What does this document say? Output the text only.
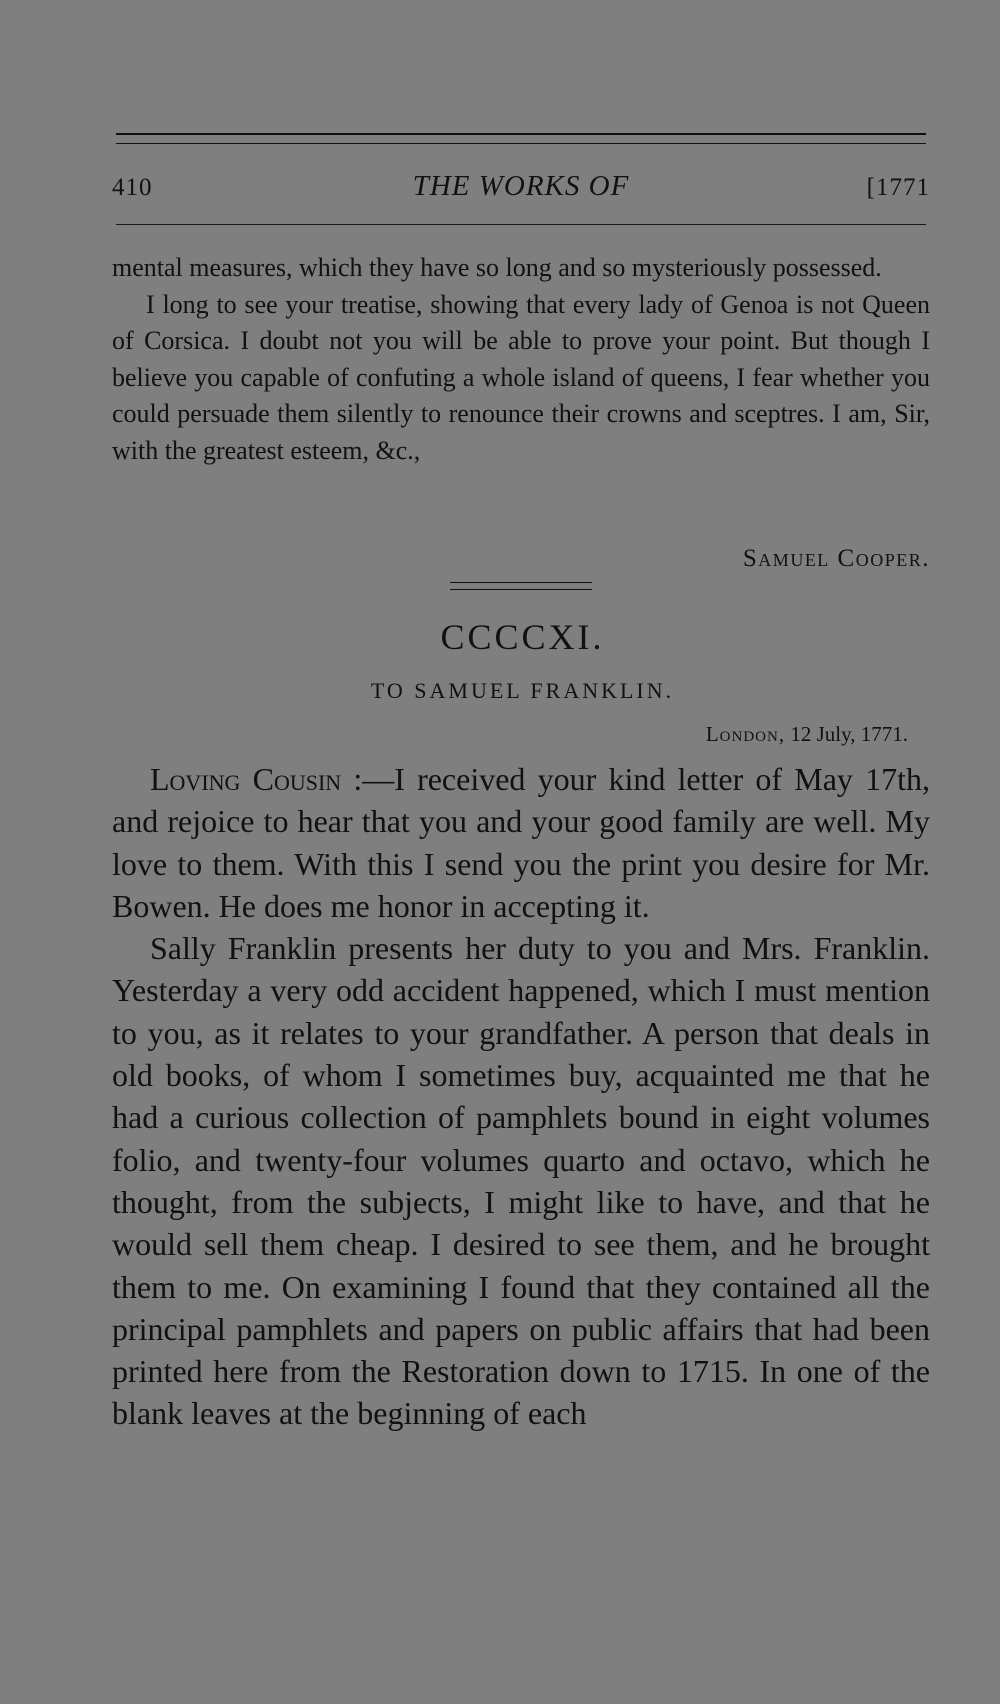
410	THE WORKS OF	[1771

mental measures, which they have so long and so mysteriously possessed.

I long to see your treatise, showing that every lady of Genoa is not Queen of Corsica. I doubt not you will be able to prove your point. But though I believe you capable of confuting a whole island of queens, I fear whether you could persuade them silently to renounce their crowns and sceptres. I am, Sir, with the greatest esteem, &c.,

Samuel Cooper.
CCCCXI.
TO SAMUEL FRANKLIN.
London, 12 July, 1771.

Loving Cousin :—I received your kind letter of May 17th, and rejoice to hear that you and your good family are well. My love to them. With this I send you the print you desire for Mr. Bowen. He does me honor in accepting it.

Sally Franklin presents her duty to you and Mrs. Franklin. Yesterday a very odd accident happened, which I must mention to you, as it relates to your grandfather. A person that deals in old books, of whom I sometimes buy, acquainted me that he had a curious collection of pamphlets bound in eight volumes folio, and twenty-four volumes quarto and octavo, which he thought, from the subjects, I might like to have, and that he would sell them cheap. I desired to see them, and he brought them to me. On examining I found that they contained all the principal pamphlets and papers on public affairs that had been printed here from the Restoration down to 1715. In one of the blank leaves at the beginning of each
